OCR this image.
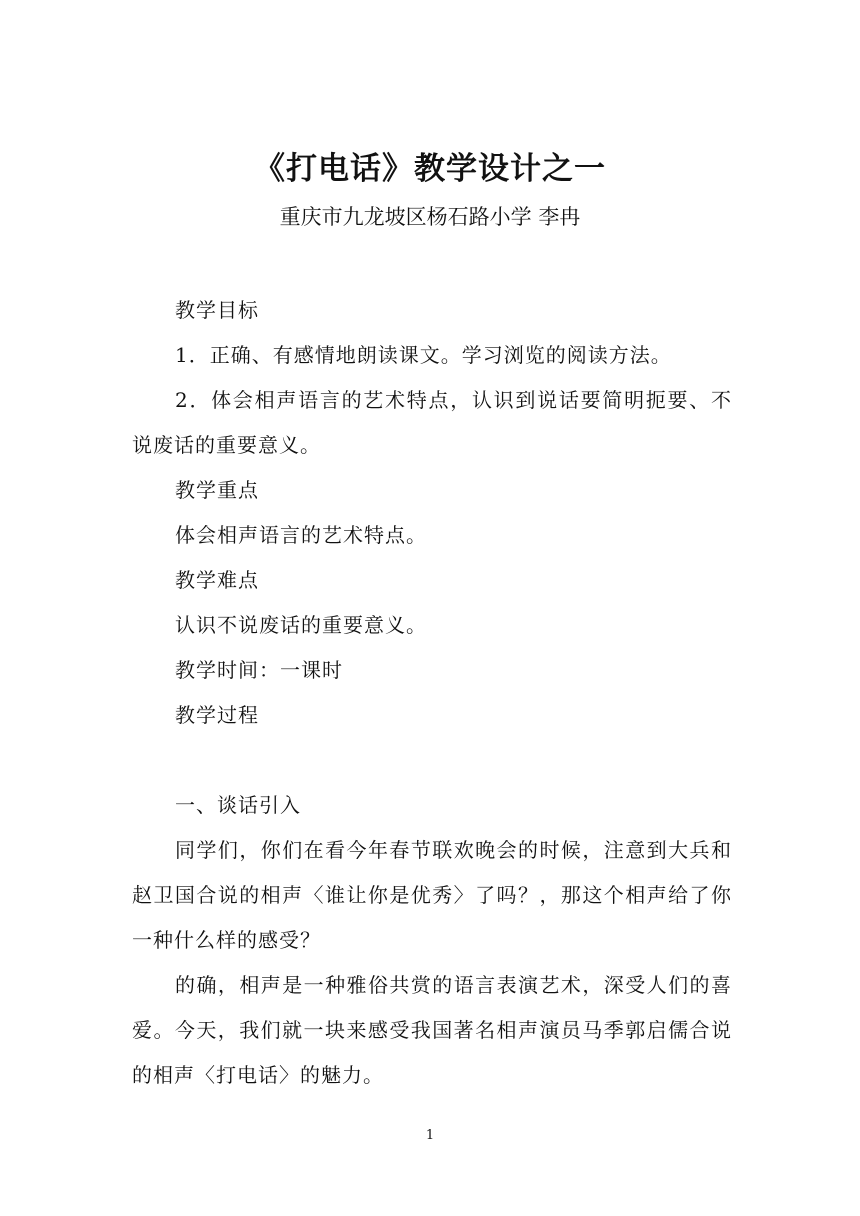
《打电话》教学设计之一
重庆市九龙坡区杨石路小学 李冉

教学目标

1．正确、有感情地朗读课文。学习浏览的阅读方法。

2．体会相声语言的艺术特点，认识到说话要简明扼要、不说废话的重要意义。

教学重点

体会相声语言的艺术特点。

教学难点

认识不说废话的重要意义。

教学时间：一课时

教学过程

一、谈话引入

同学们，你们在看今年春节联欢晚会的时候，注意到大兵和赵卫国合说的相声〈谁让你是优秀〉了吗？，那这个相声给了你一种什么样的感受？

的确，相声是一种雅俗共赏的语言表演艺术，深受人们的喜爱。今天，我们就一块来感受我国著名相声演员马季郭启儒合说的相声〈打电话〉的魅力。

1
